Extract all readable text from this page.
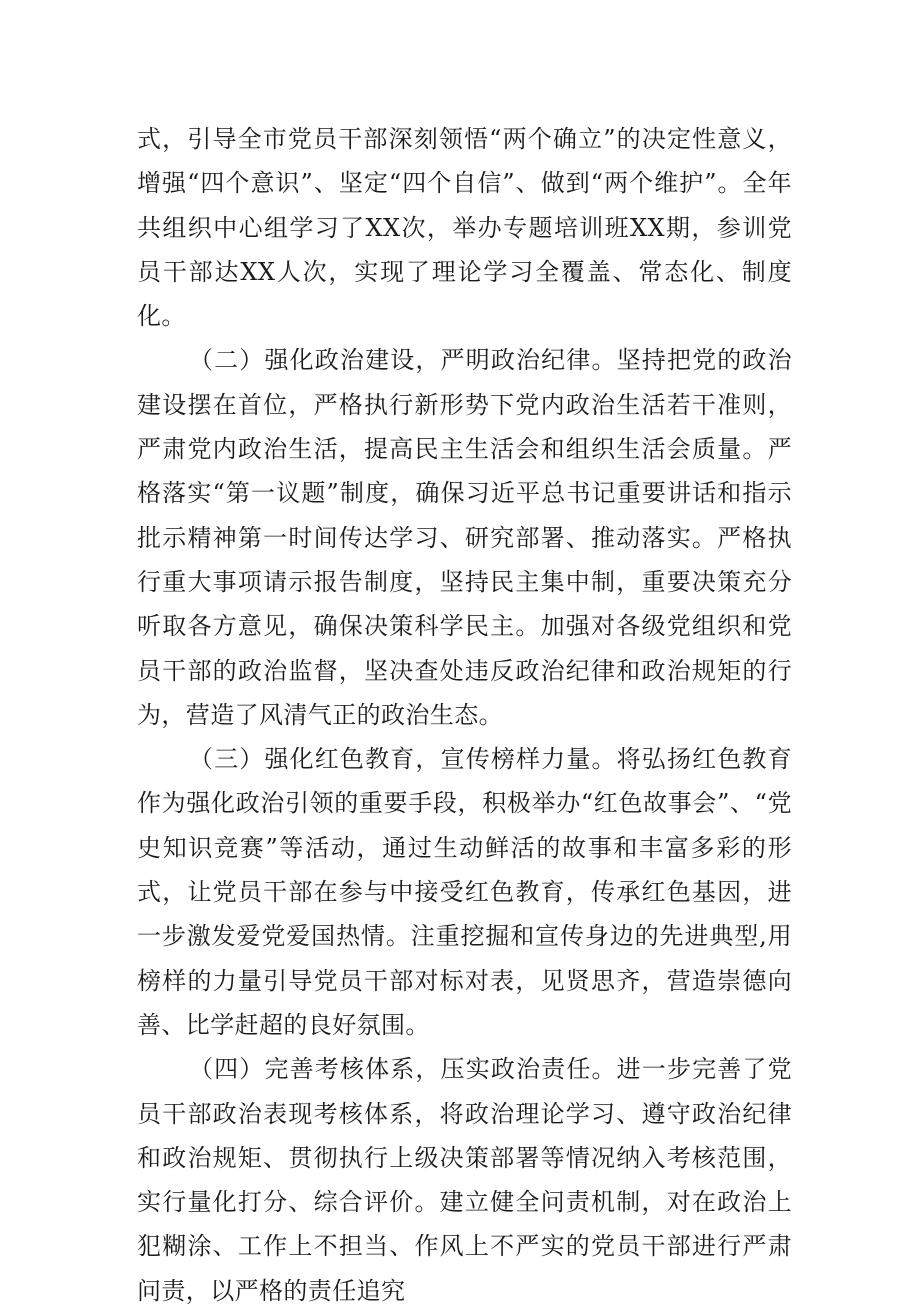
式，引导全市党员干部深刻领悟“两个确立”的决定性意义，增强“四个意识”、坚定“四个自信”、做到“两个维护”。全年共组织中心组学习了XX次，举办专题培训班XX期，参训党员干部达XX人次，实现了理论学习全覆盖、常态化、制度化。

（二）强化政治建设，严明政治纪律。坚持把党的政治建设摆在首位，严格执行新形势下党内政治生活若干准则，严肃党内政治生活，提高民主生活会和组织生活会质量。严格落实“第一议题”制度，确保习近平总书记重要讲话和指示批示精神第一时间传达学习、研究部署、推动落实。严格执行重大事项请示报告制度，坚持民主集中制，重要决策充分听取各方意见，确保决策科学民主。加强对各级党组织和党员干部的政治监督，坚决查处违反政治纪律和政治规矩的行为，营造了风清气正的政治生态。

（三）强化红色教育，宣传榜样力量。将弘扬红色教育作为强化政治引领的重要手段，积极举办“红色故事会”、“党史知识竞赛”等活动，通过生动鲜活的故事和丰富多彩的形式，让党员干部在参与中接受红色教育，传承红色基因，进一步激发爱党爱国热情。注重挖掘和宣传身边的先进典型,用榜样的力量引导党员干部对标对表，见贤思齐，营造崇德向善、比学赶超的良好氛围。

（四）完善考核体系，压实政治责任。进一步完善了党员干部政治表现考核体系，将政治理论学习、遵守政治纪律和政治规矩、贯彻执行上级决策部署等情况纳入考核范围，实行量化打分、综合评价。建立健全问责机制，对在政治上犯糊涂、工作上不担当、作风上不严实的党员干部进行严肃问责，以严格的责任追究
